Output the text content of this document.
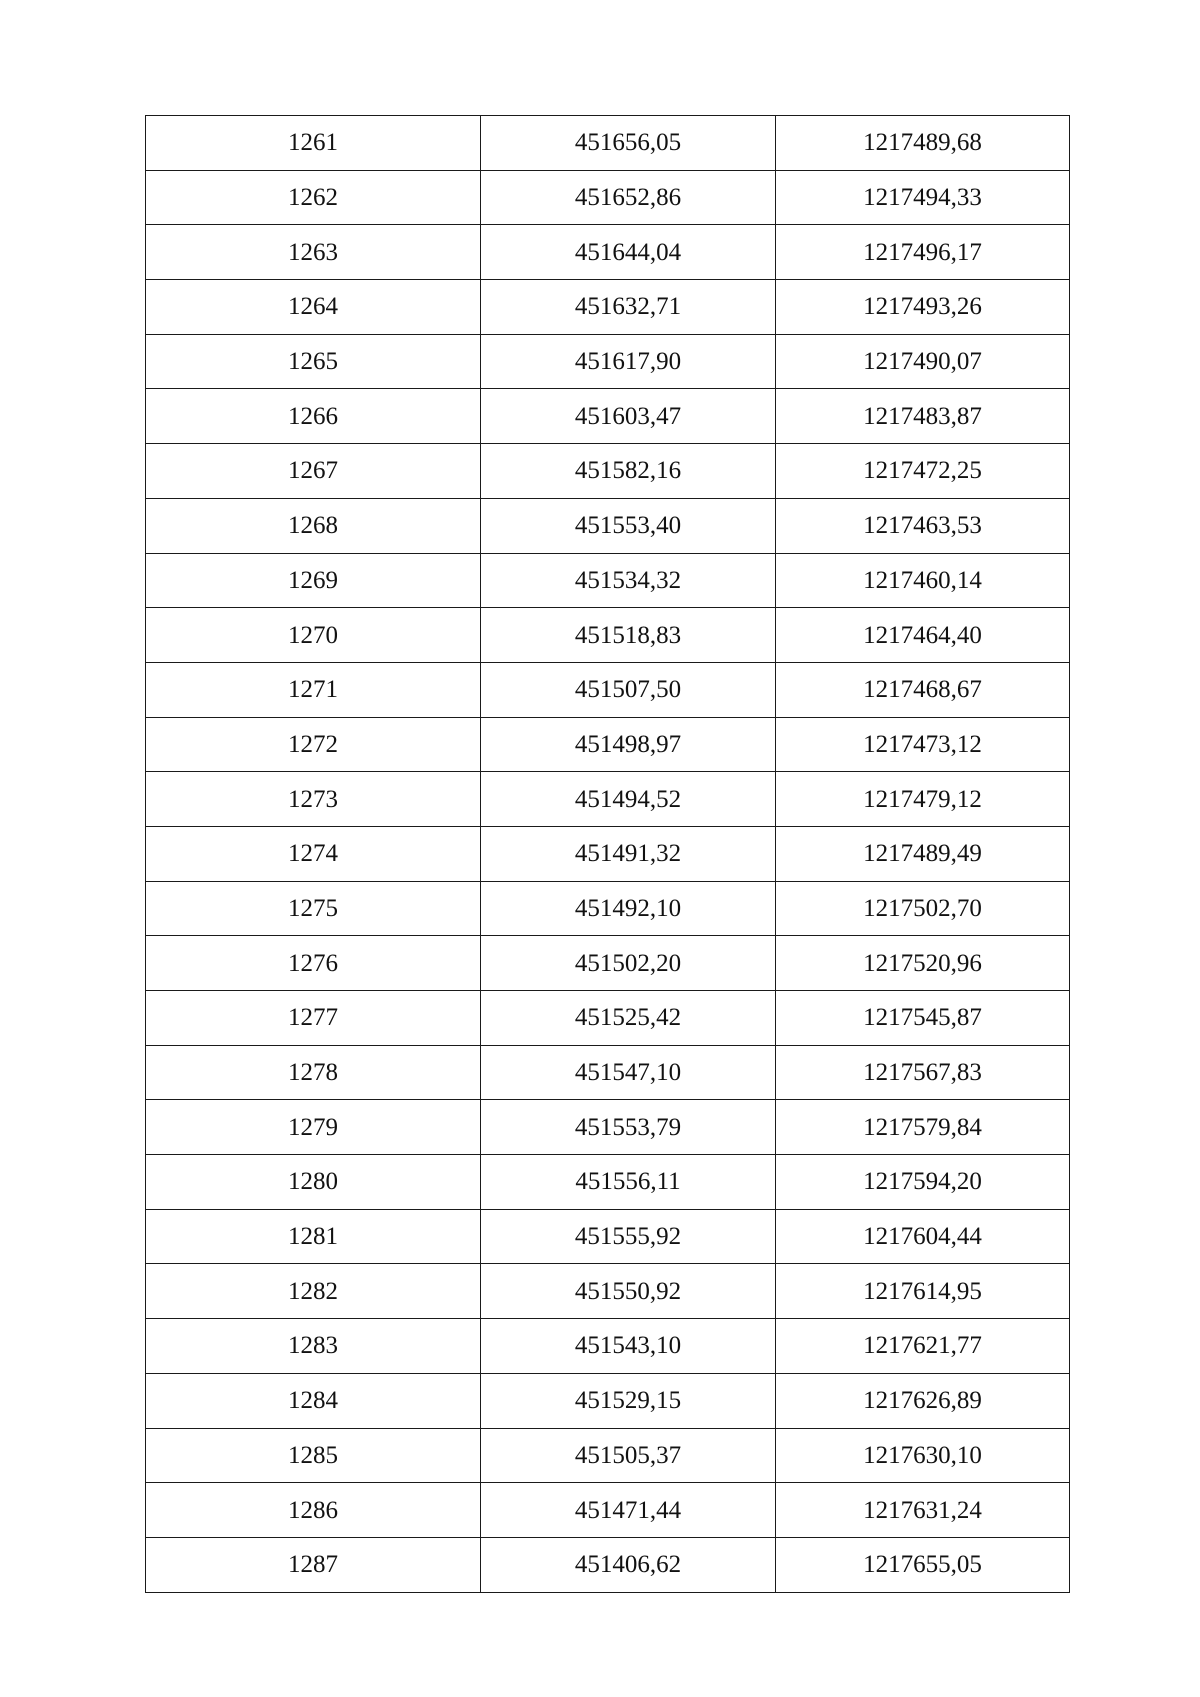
1261	451656,05	1217489,68
1262	451652,86	1217494,33
1263	451644,04	1217496,17
1264	451632,71	1217493,26
1265	451617,90	1217490,07
1266	451603,47	1217483,87
1267	451582,16	1217472,25
1268	451553,40	1217463,53
1269	451534,32	1217460,14
1270	451518,83	1217464,40
1271	451507,50	1217468,67
1272	451498,97	1217473,12
1273	451494,52	1217479,12
1274	451491,32	1217489,49
1275	451492,10	1217502,70
1276	451502,20	1217520,96
1277	451525,42	1217545,87
1278	451547,10	1217567,83
1279	451553,79	1217579,84
1280	451556,11	1217594,20
1281	451555,92	1217604,44
1282	451550,92	1217614,95
1283	451543,10	1217621,77
1284	451529,15	1217626,89
1285	451505,37	1217630,10
1286	451471,44	1217631,24
1287	451406,62	1217655,05
